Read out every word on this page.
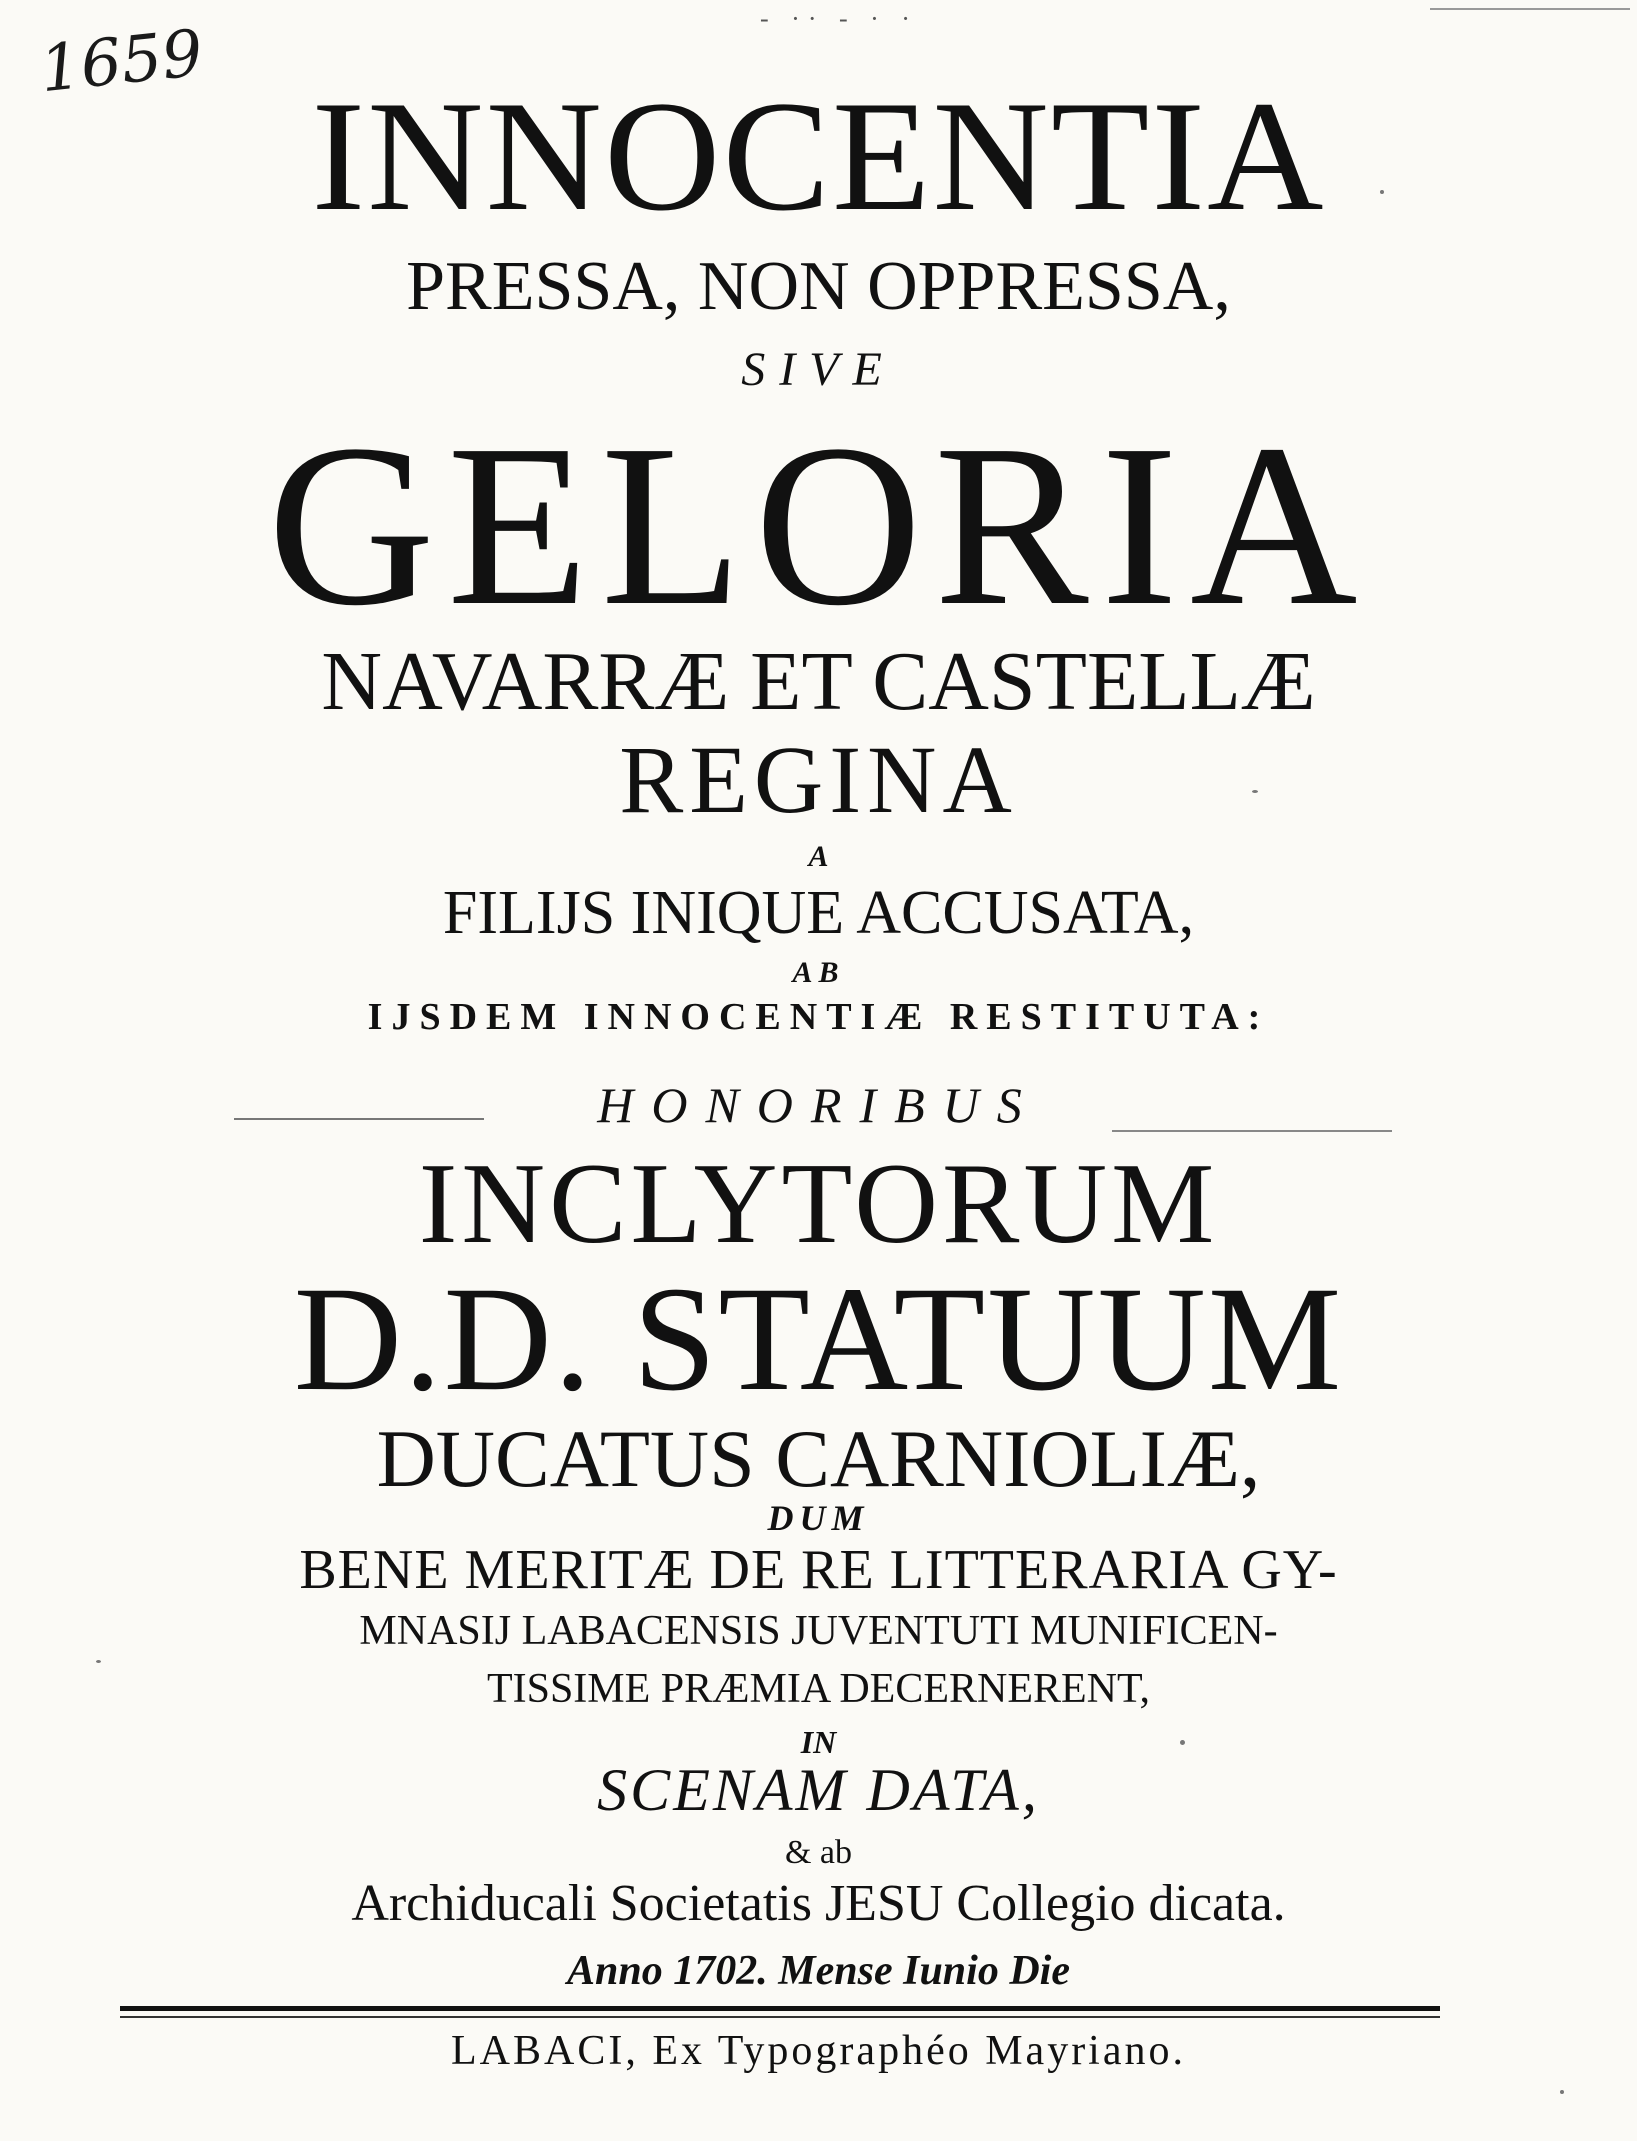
- ·· - · ·
1659
INNOCENTIA
PRESSA, NON OPPRESSA,
SIVE
GELORIA
NAVARRÆ ET CASTELLÆ
REGINA
A
FILIJS INIQUE ACCUSATA,
AB
IJSDEM INNOCENTIÆ RESTITUTA:
HONORIBUS
INCLYTORUM
D.D. STATUUM
DUCATUS CARNIOLIÆ,
DUM
BENE MERITÆ DE RE LITTERARIA GY-
MNASIJ LABACENSIS JUVENTUTI MUNIFICEN-
TISSIME PRÆMIA DECERNERENT,
IN
SCENAM DATA,
& ab
Archiducali Societatis JESU Collegio dicata.
Anno 1702. Mense Iunio Die
LABACI, Ex Typographéo Mayriano.
